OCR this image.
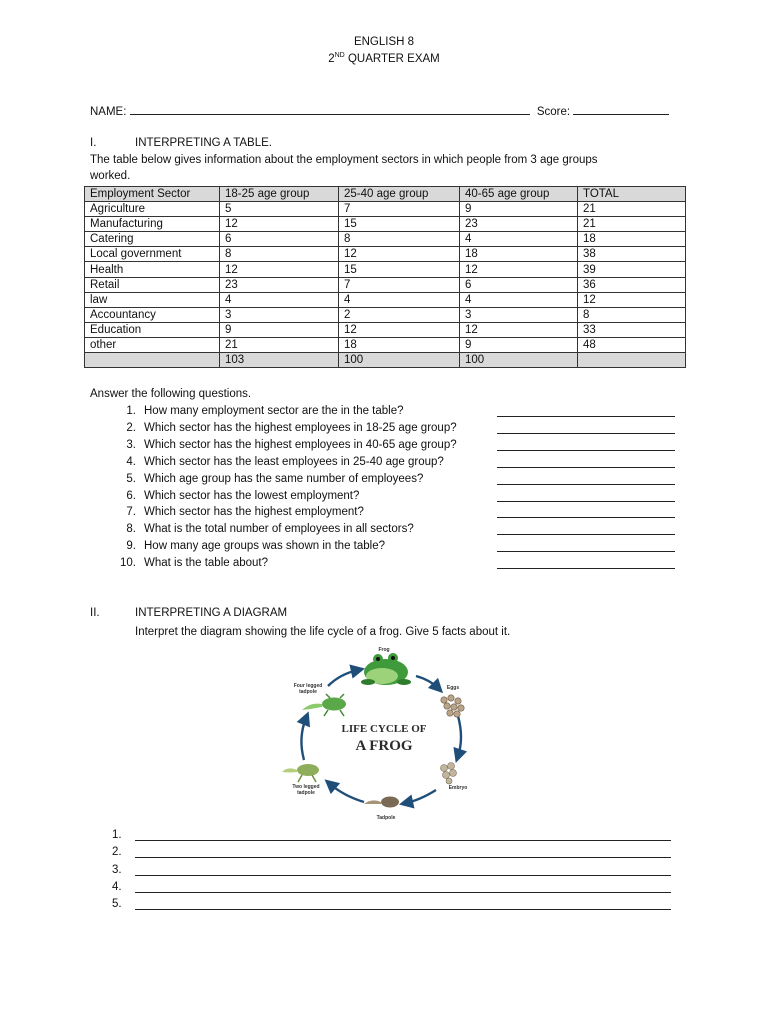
ENGLISH 8
2ND QUARTER EXAM
NAME:	Score:
I.	INTERPRETING A TABLE.
The table below gives information about the employment sectors in which people from 3 age groups
worked.
Employment Sector	18-25 age group	25-40 age group	40-65 age group	TOTAL
Agriculture	5	7	9	21
Manufacturing	12	15	23	21
Catering	6	8	4	18
Local government	8	12	18	38
Health	12	15	12	39
Retail	23	7	6	36
law	4	4	4	12
Accountancy	3	2	3	8
Education	9	12	12	33
other	21	18	9	48
	103	100	100	
Answer the following questions.
1. How many employment sector are the in the table?
2. Which sector has the highest employees in 18-25 age group?
3. Which sector has the highest employees in 40-65 age group?
4. Which sector has the least employees in 25-40 age group?
5. Which age group has the same number of employees?
6. Which sector has the lowest employment?
7. Which sector has the highest employment?
8. What is the total number of employees in all sectors?
9. How many age groups was shown in the table?
10. What is the table about?
II.	INTERPRETING A DIAGRAM
Interpret the diagram showing the life cycle of a frog. Give 5 facts about it.
Frog
Eggs
Embryo
Tadpole
Two legged
tadpole
Four legged
tadpole
LIFE CYCLE OF
A FROG
1.
2.
3.
4.
5.
